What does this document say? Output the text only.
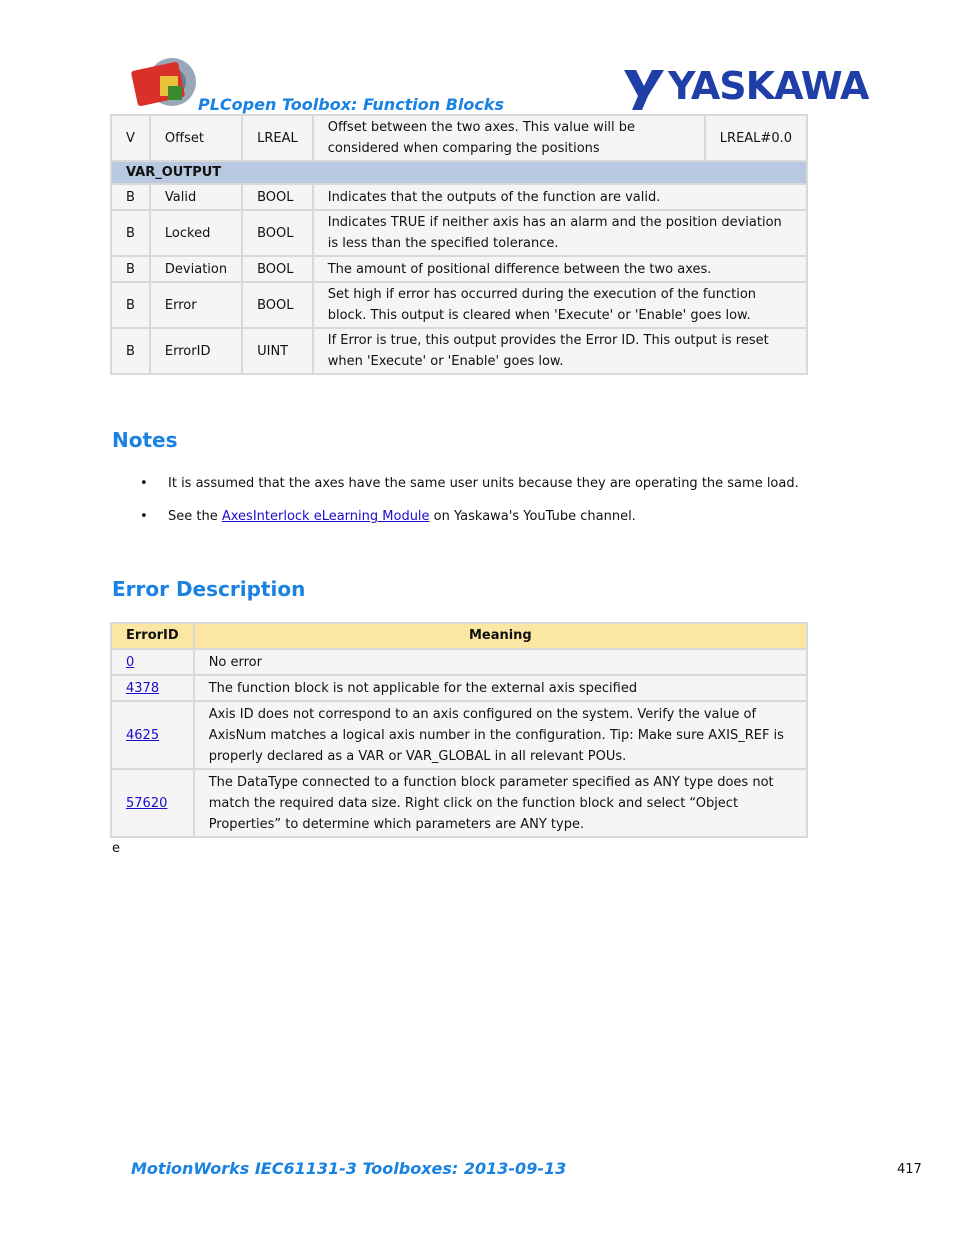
PLCopen Toolbox: Function Blocks	YASKAWA
V	Offset	LREAL	Offset between the two axes. This value will be considered when comparing the positions	LREAL#0.0
VAR_OUTPUT				
B	Valid	BOOL	Indicates that the outputs of the function are valid.	
B	Locked	BOOL	Indicates TRUE if neither axis has an alarm and the position deviation is less than the specified tolerance.	
B	Deviation	BOOL	The amount of positional difference between the two axes.	
B	Error	BOOL	Set high if error has occurred during the execution of the function block. This output is cleared when 'Execute' or 'Enable' goes low.	
B	ErrorID	UINT	If Error is true, this output provides the Error ID. This output is reset when 'Execute' or 'Enable' goes low.	
Notes
• It is assumed that the axes have the same user units because they are operating the same load.
• See the AxesInterlock eLearning Module on Yaskawa's YouTube channel.
Error Description
ErrorID	Meaning
0	No error
4378	The function block is not applicable for the external axis specified
4625	Axis ID does not correspond to an axis configured on the system. Verify the value of AxisNum matches a logical axis number in the configuration. Tip: Make sure AXIS_REF is properly declared as a VAR or VAR_GLOBAL in all relevant POUs.
57620	The DataType connected to a function block parameter specified as ANY type does not match the required data size. Right click on the function block and select “Object Properties” to determine which parameters are ANY type.
e
MotionWorks IEC61131-3 Toolboxes: 2013-09-13	417
